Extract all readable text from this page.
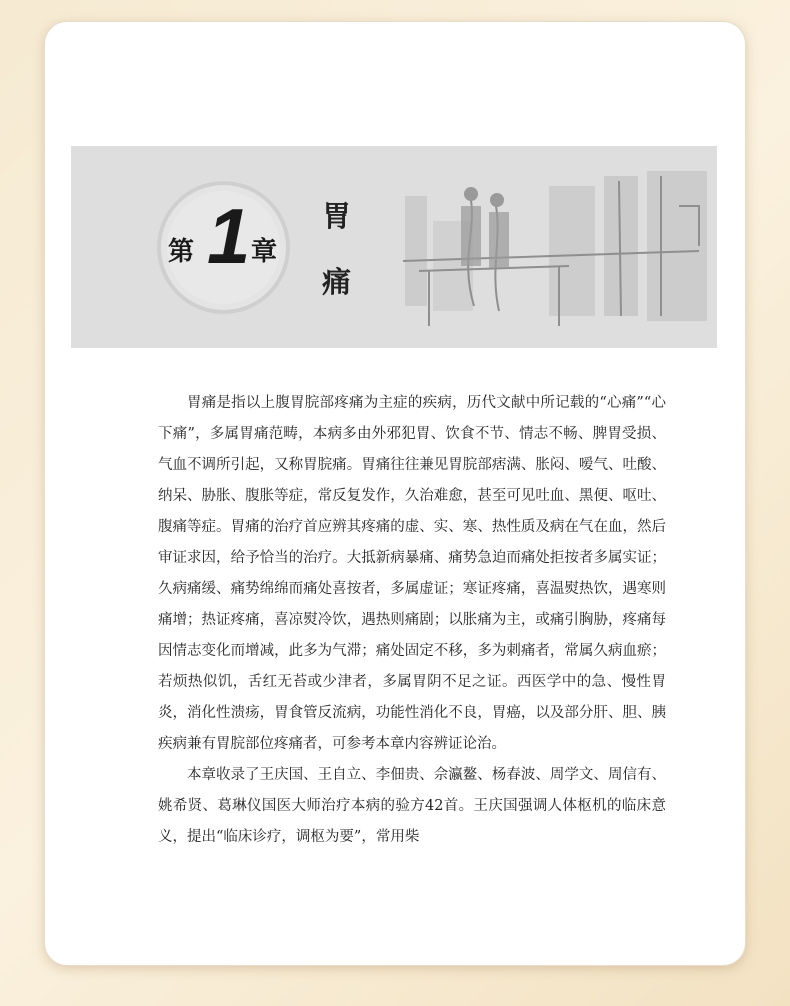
第 1 章
胃
痛

胃痛是指以上腹胃脘部疼痛为主症的疾病，历代文献中所记载的“心痛”“心下痛”，多属胃痛范畴，本病多由外邪犯胃、饮食不节、情志不畅、脾胃受损、气血不调所引起，又称胃脘痛。胃痛往往兼见胃脘部痞满、胀闷、嗳气、吐酸、纳呆、胁胀、腹胀等症，常反复发作，久治难愈，甚至可见吐血、黑便、呕吐、腹痛等症。胃痛的治疗首应辨其疼痛的虚、实、寒、热性质及病在气在血，然后审证求因，给予恰当的治疗。大抵新病暴痛、痛势急迫而痛处拒按者多属实证；久病痛缓、痛势绵绵而痛处喜按者，多属虚证；寒证疼痛，喜温熨热饮，遇寒则痛增；热证疼痛，喜凉熨冷饮，遇热则痛剧；以胀痛为主，或痛引胸胁，疼痛每因情志变化而增减，此多为气滞；痛处固定不移，多为刺痛者，常属久病血瘀；若烦热似饥，舌红无苔或少津者，多属胃阴不足之证。西医学中的急、慢性胃炎，消化性溃疡，胃食管反流病，功能性消化不良，胃癌，以及部分肝、胆、胰疾病兼有胃脘部位疼痛者，可参考本章内容辨证论治。

本章收录了王庆国、王自立、李佃贵、佘瀛鳌、杨春波、周学文、周信有、姚希贤、葛琳仪国医大师治疗本病的验方42首。王庆国强调人体枢机的临床意义，提出“临床诊疗，调枢为要”，常用柴
